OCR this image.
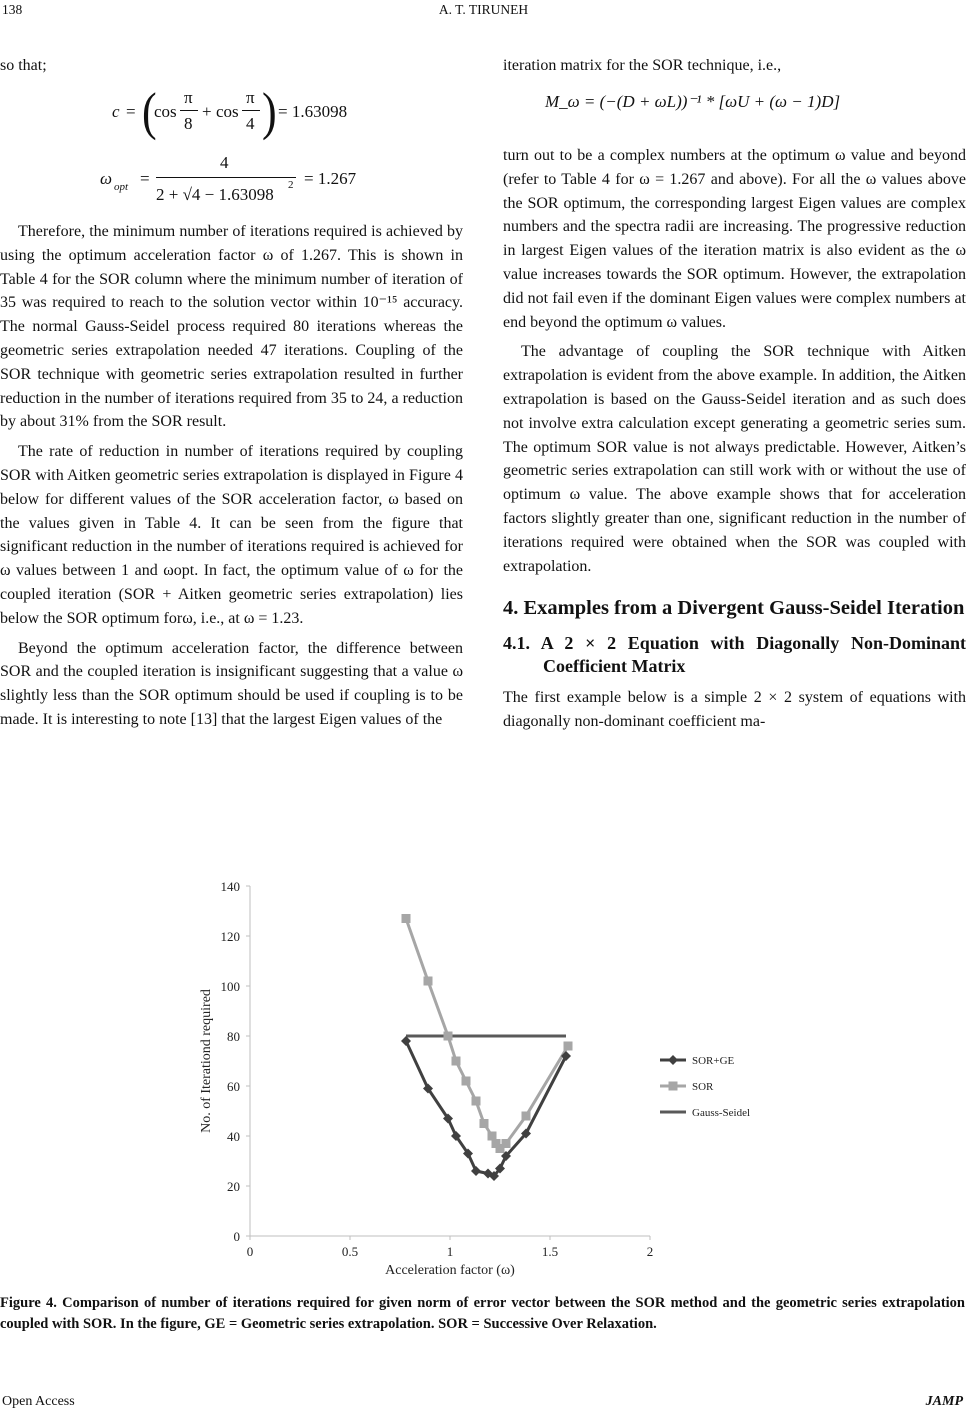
138	A. T. TIRUNEH

so that;

c = (
cos
π
8
+ cos
π
4 ) = 1.63098
ω opt =
4
2 + √4 − 1.63098 2 = 1.267

Therefore, the minimum number of iterations required is achieved by using the optimum acceleration factor ω of 1.267. This is shown in Table 4 for the SOR column where the minimum number of iteration of 35 was required to reach to the solution vector within 10⁻¹⁵ accuracy. The normal Gauss-Seidel process required 80 iterations whereas the geometric series extrapolation needed 47 iterations. Coupling of the SOR technique with geometric series extrapolation resulted in further reduction in the number of iterations required from 35 to 24, a reduction by about 31% from the SOR result.

The rate of reduction in number of iterations required by coupling SOR with Aitken geometric series extrapolation is displayed in Figure 4 below for different values of the SOR acceleration factor, ω based on the values given in Table 4. It can be seen from the figure that significant reduction in the number of iterations required is achieved for ω values between 1 and ωopt. In fact, the optimum value of ω for the coupled iteration (SOR + Aitken geometric series extrapolation) lies below the SOR optimum forω, i.e., at ω = 1.23.

Beyond the optimum acceleration factor, the difference between SOR and the coupled iteration is insignificant suggesting that a value ω slightly less than the SOR optimum should be used if coupling is to be made. It is interesting to note [13] that the largest Eigen values of the

iteration matrix for the SOR technique, i.e.,

M_ω = (−(D + ωL))⁻¹ * [ωU + (ω − 1)D]

turn out to be a complex numbers at the optimum ω value and beyond (refer to Table 4 for ω = 1.267 and above). For all the ω values above the SOR optimum, the corresponding largest Eigen values are complex numbers and the spectra radii are increasing. The progressive reduction in largest Eigen values of the iteration matrix is also evident as the ω value increases towards the SOR optimum. However, the extrapolation did not fail even if the dominant Eigen values were complex numbers at end beyond the optimum ω values.

The advantage of coupling the SOR technique with Aitken extrapolation is evident from the above example. In addition, the Aitken extrapolation is based on the Gauss-Seidel iteration and as such does not involve extra calculation except generating a geometric series sum. The optimum SOR value is not always predictable. However, Aitken’s geometric series extrapolation can still work with or without the use of optimum ω value. The above example shows that for acceleration factors slightly greater than one, significant reduction in the number of iterations required were obtained when the SOR was coupled with extrapolation.

4. Examples from a Divergent Gauss-Seidel Iteration
4.1. A 2 × 2 Equation with Diagonally Non-Dominant Coefficient Matrix

The first example below is a simple 2 × 2 system of equations with diagonally non-dominant coefficient ma-

0
20
40
60
80
100
120
140
0	0.5	1	1.5	2
SOR+GE
SOR
Gauss-Seidel
Acceleration factor (ω)
No. of Iterationd required
Figure 4. Comparison of number of iterations required for given norm of error vector between the SOR method and the geometric series extrapolation coupled with SOR. In the figure, GE = Geometric series extrapolation. SOR = Successive Over Relaxation.
Open Access	JAMP
